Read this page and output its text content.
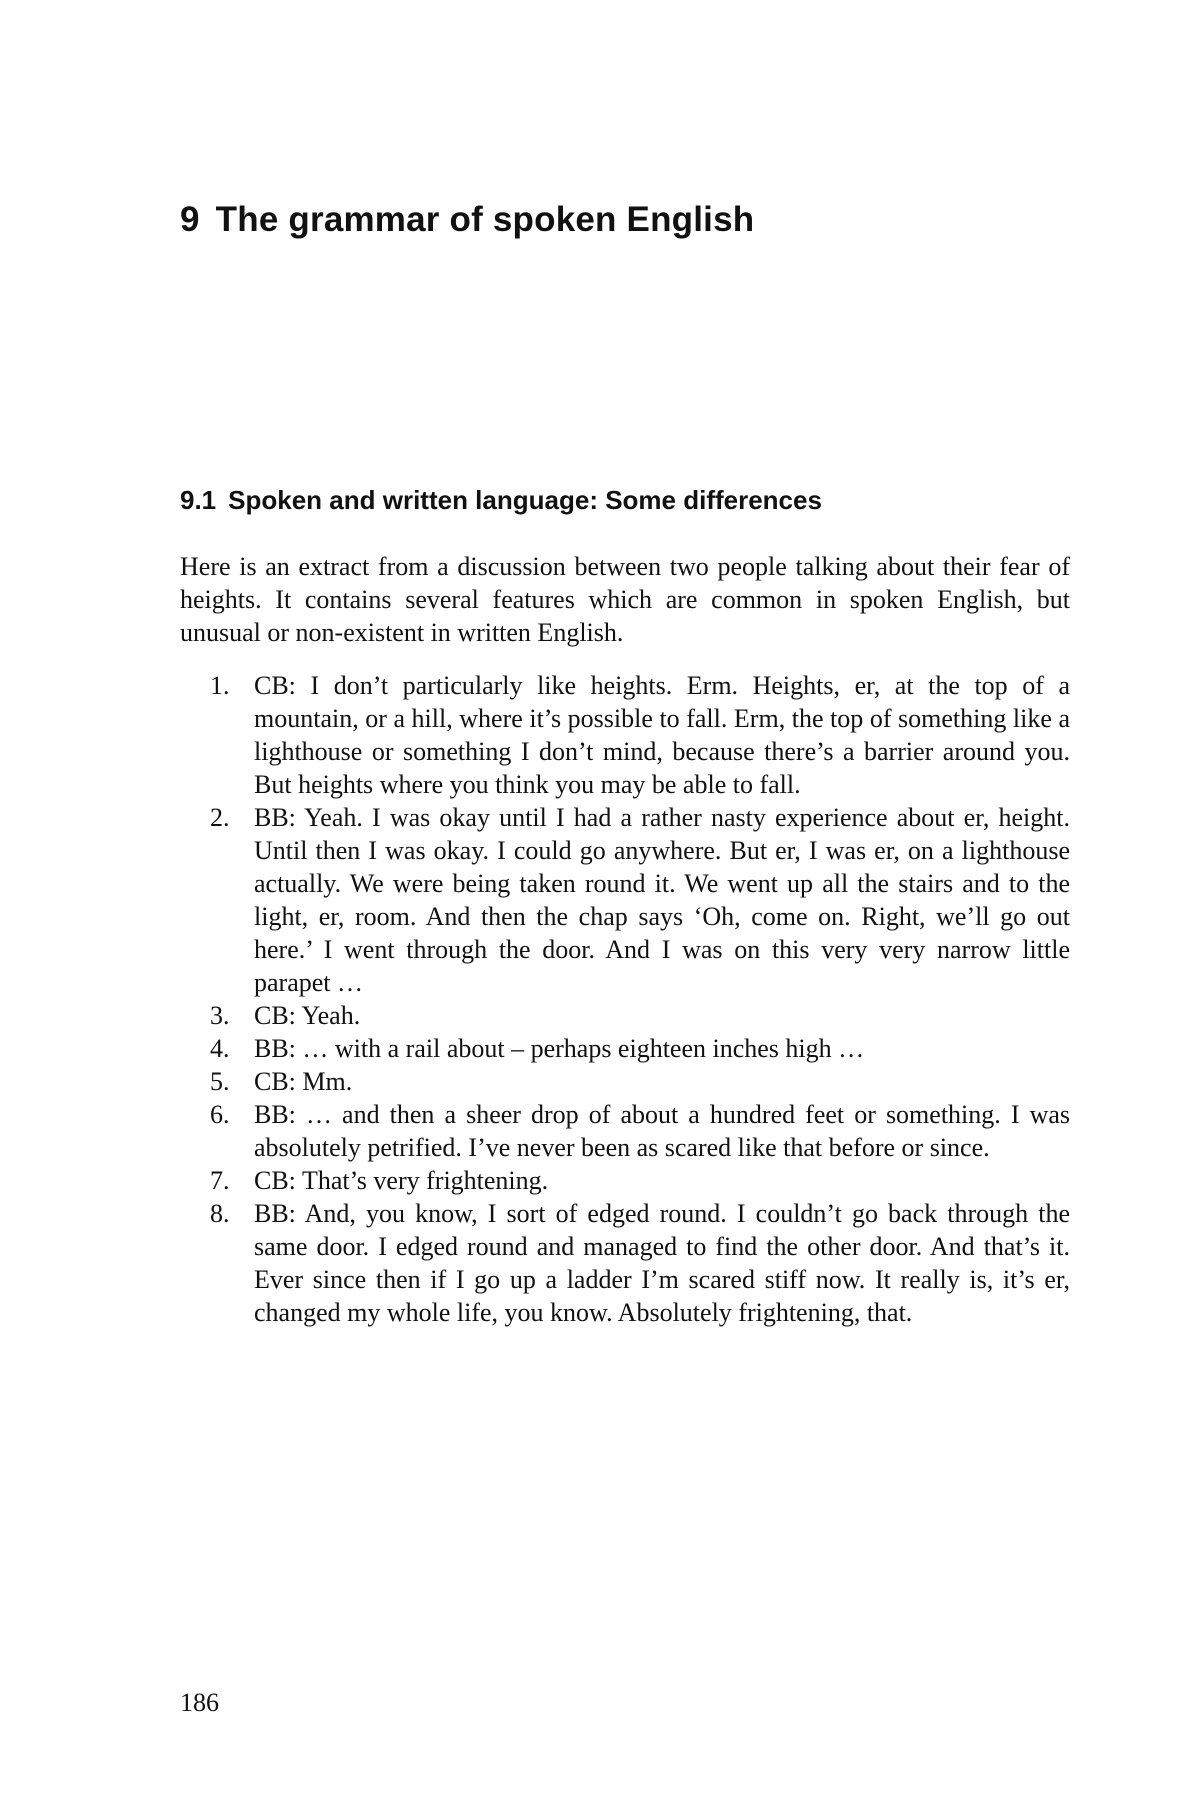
9 The grammar of spoken English
9.1 Spoken and written language: Some differences

Here is an extract from a discussion between two people talking about their fear of heights. It contains several features which are common in spoken English, but unusual or non-existent in written English.

1. CB: I don’t particularly like heights. Erm. Heights, er, at the top of a mountain, or a hill, where it’s possible to fall. Erm, the top of something like a lighthouse or something I don’t mind, because there’s a barrier around you. But heights where you think you may be able to fall.
2. BB: Yeah. I was okay until I had a rather nasty experience about er, height. Until then I was okay. I could go anywhere. But er, I was er, on a lighthouse actually. We were being taken round it. We went up all the stairs and to the light, er, room. And then the chap says ‘Oh, come on. Right, we’ll go out here.’ I went through the door. And I was on this very very narrow little parapet …
3. CB: Yeah.
4. BB: … with a rail about – perhaps eighteen inches high …
5. CB: Mm.
6. BB: … and then a sheer drop of about a hundred feet or something. I was absolutely petrified. I’ve never been as scared like that before or since.
7. CB: That’s very frightening.
8. BB: And, you know, I sort of edged round. I couldn’t go back through the same door. I edged round and managed to find the other door. And that’s it. Ever since then if I go up a ladder I’m scared stiff now. It really is, it’s er, changed my whole life, you know. Absolutely frightening, that.

186
